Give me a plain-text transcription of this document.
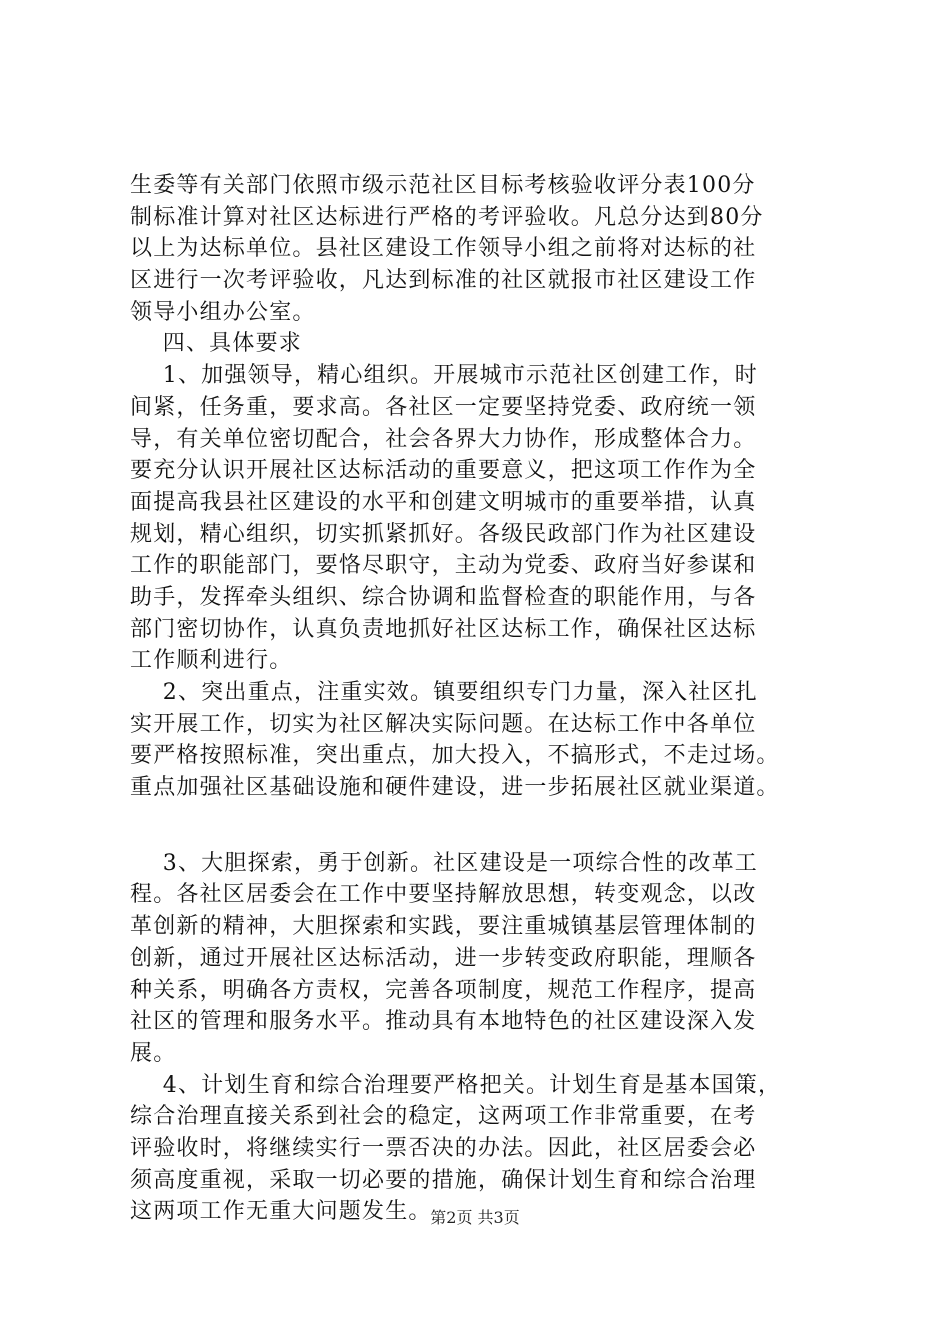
生委等有关部门依照市级示范社区目标考核验收评分表100分
制标准计算对社区达标进行严格的考评验收。凡总分达到80分
以上为达标单位。县社区建设工作领导小组之前将对达标的社
区进行一次考评验收，凡达到标准的社区就报市社区建设工作
领导小组办公室。
四、具体要求
1、加强领导，精心组织。开展城市示范社区创建工作，时
间紧，任务重，要求高。各社区一定要坚持党委、政府统一领
导，有关单位密切配合，社会各界大力协作，形成整体合力。
要充分认识开展社区达标活动的重要意义，把这项工作作为全
面提高我县社区建设的水平和创建文明城市的重要举措，认真
规划，精心组织，切实抓紧抓好。各级民政部门作为社区建设
工作的职能部门，要恪尽职守，主动为党委、政府当好参谋和
助手，发挥牵头组织、综合协调和监督检查的职能作用，与各
部门密切协作，认真负责地抓好社区达标工作，确保社区达标
工作顺利进行。
2、突出重点，注重实效。镇要组织专门力量，深入社区扎
实开展工作，切实为社区解决实际问题。在达标工作中各单位
要严格按照标准，突出重点，加大投入，不搞形式，不走过场。
重点加强社区基础设施和硬件建设，进一步拓展社区就业渠道。
3、大胆探索，勇于创新。社区建设是一项综合性的改革工
程。各社区居委会在工作中要坚持解放思想，转变观念，以改
革创新的精神，大胆探索和实践，要注重城镇基层管理体制的
创新，通过开展社区达标活动，进一步转变政府职能，理顺各
种关系，明确各方责权，完善各项制度，规范工作程序，提高
社区的管理和服务水平。推动具有本地特色的社区建设深入发
展。
4、计划生育和综合治理要严格把关。计划生育是基本国策，
综合治理直接关系到社会的稳定，这两项工作非常重要，在考
评验收时，将继续实行一票否决的办法。因此，社区居委会必
须高度重视，采取一切必要的措施，确保计划生育和综合治理
这两项工作无重大问题发生。
第2页 共3页
